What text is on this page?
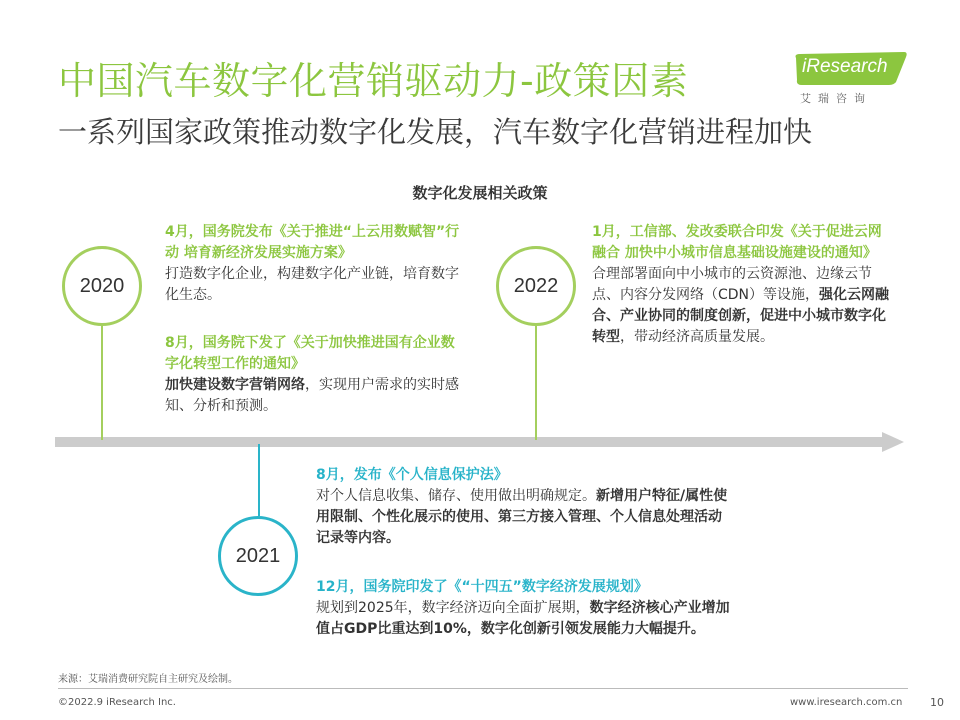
中国汽车数字化营销驱动力-政策因素
一系列国家政策推动数字化发展，汽车数字化营销进程加快
iResearch
艾瑞咨询
数字化发展相关政策
2020
4月，国务院发布《关于推进“上云用数赋智”行动 培育新经济发展实施方案》
打造数字化企业，构建数字化产业链，培育数字化生态。
8月，国务院下发了《关于加快推进国有企业数字化转型工作的通知》
加快建设数字营销网络，实现用户需求的实时感知、分析和预测。
2022
1月，工信部、发改委联合印发《关于促进云网融合 加快中小城市信息基础设施建设的通知》
合理部署面向中小城市的云资源池、边缘云节点、内容分发网络（CDN）等设施，强化云网融合、产业协同的制度创新，促进中小城市数字化转型，带动经济高质量发展。
2021
8月，发布《个人信息保护法》
对个人信息收集、储存、使用做出明确规定。新增用户特征/属性使用限制、个性化展示的使用、第三方接入管理、个人信息处理活动记录等内容。
12月，国务院印发了《“十四五”数字经济发展规划》
规划到2025年，数字经济迈向全面扩展期，数字经济核心产业增加值占GDP比重达到10%，数字化创新引领发展能力大幅提升。
来源：艾瑞消费研究院自主研究及绘制。
©2022.9 iResearch Inc.	www.iresearch.com.cn	10
